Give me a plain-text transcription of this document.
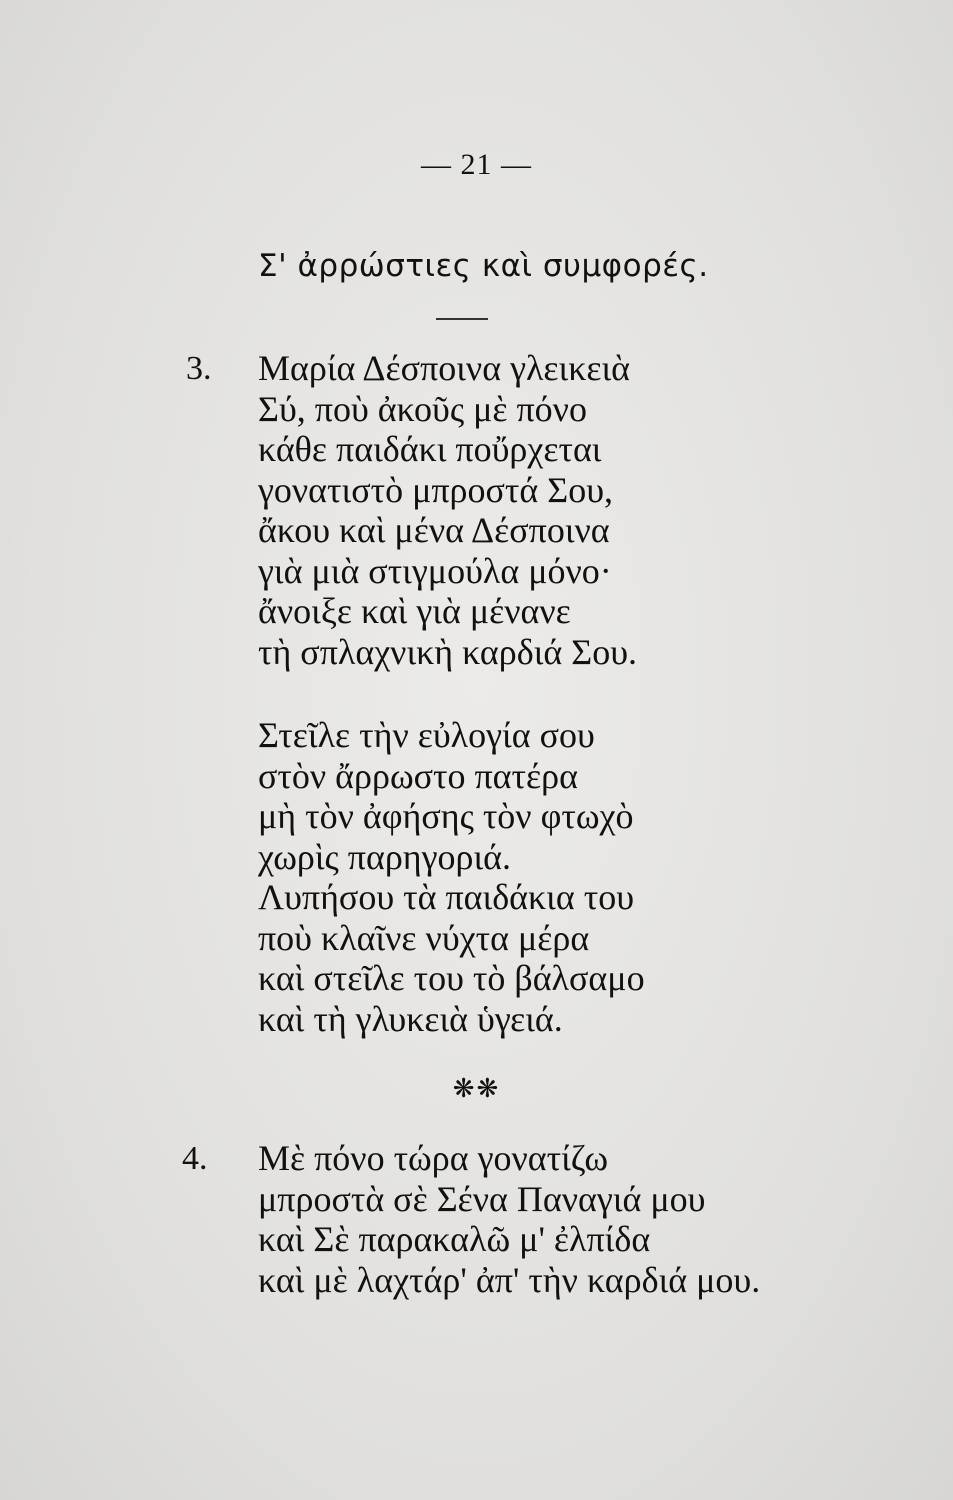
— 21 —
Σ' ἀρρώστιες καὶ συμφορές.
3. Μαρία Δέσποινα γλεικειὰ
Σύ, ποὺ ἀκοῦς μὲ πόνο
κάθε παιδάκι ποὔρχεται
γονατιστὸ μπροστά Σου,
ἄκου καὶ μένα Δέσποινα
γιὰ μιὰ στιγμούλα μόνο·
ἄνοιξε καὶ γιὰ μένανε
τὴ σπλαχνικὴ καρδιά Σου.
Στεῖλε τὴν εὐλογία σου
στὸν ἄρρωστο πατέρα
μὴ τὸν ἀφήσης τὸν φτωχὸ
χωρὶς παρηγοριά.
Λυπήσου τὰ παιδάκια του
ποὺ κλαῖνε νύχτα μέρα
καὶ στεῖλε του τὸ βάλσαμο
καὶ τὴ γλυκειὰ ὑγειά.
❋❋
4. Μὲ πόνο τώρα γονατίζω
μπροστὰ σὲ Σένα Παναγιά μου
καὶ Σὲ παρακαλῶ μ' ἐλπίδα
καὶ μὲ λαχτάρ' ἀπ' τὴν καρδιά μου.
